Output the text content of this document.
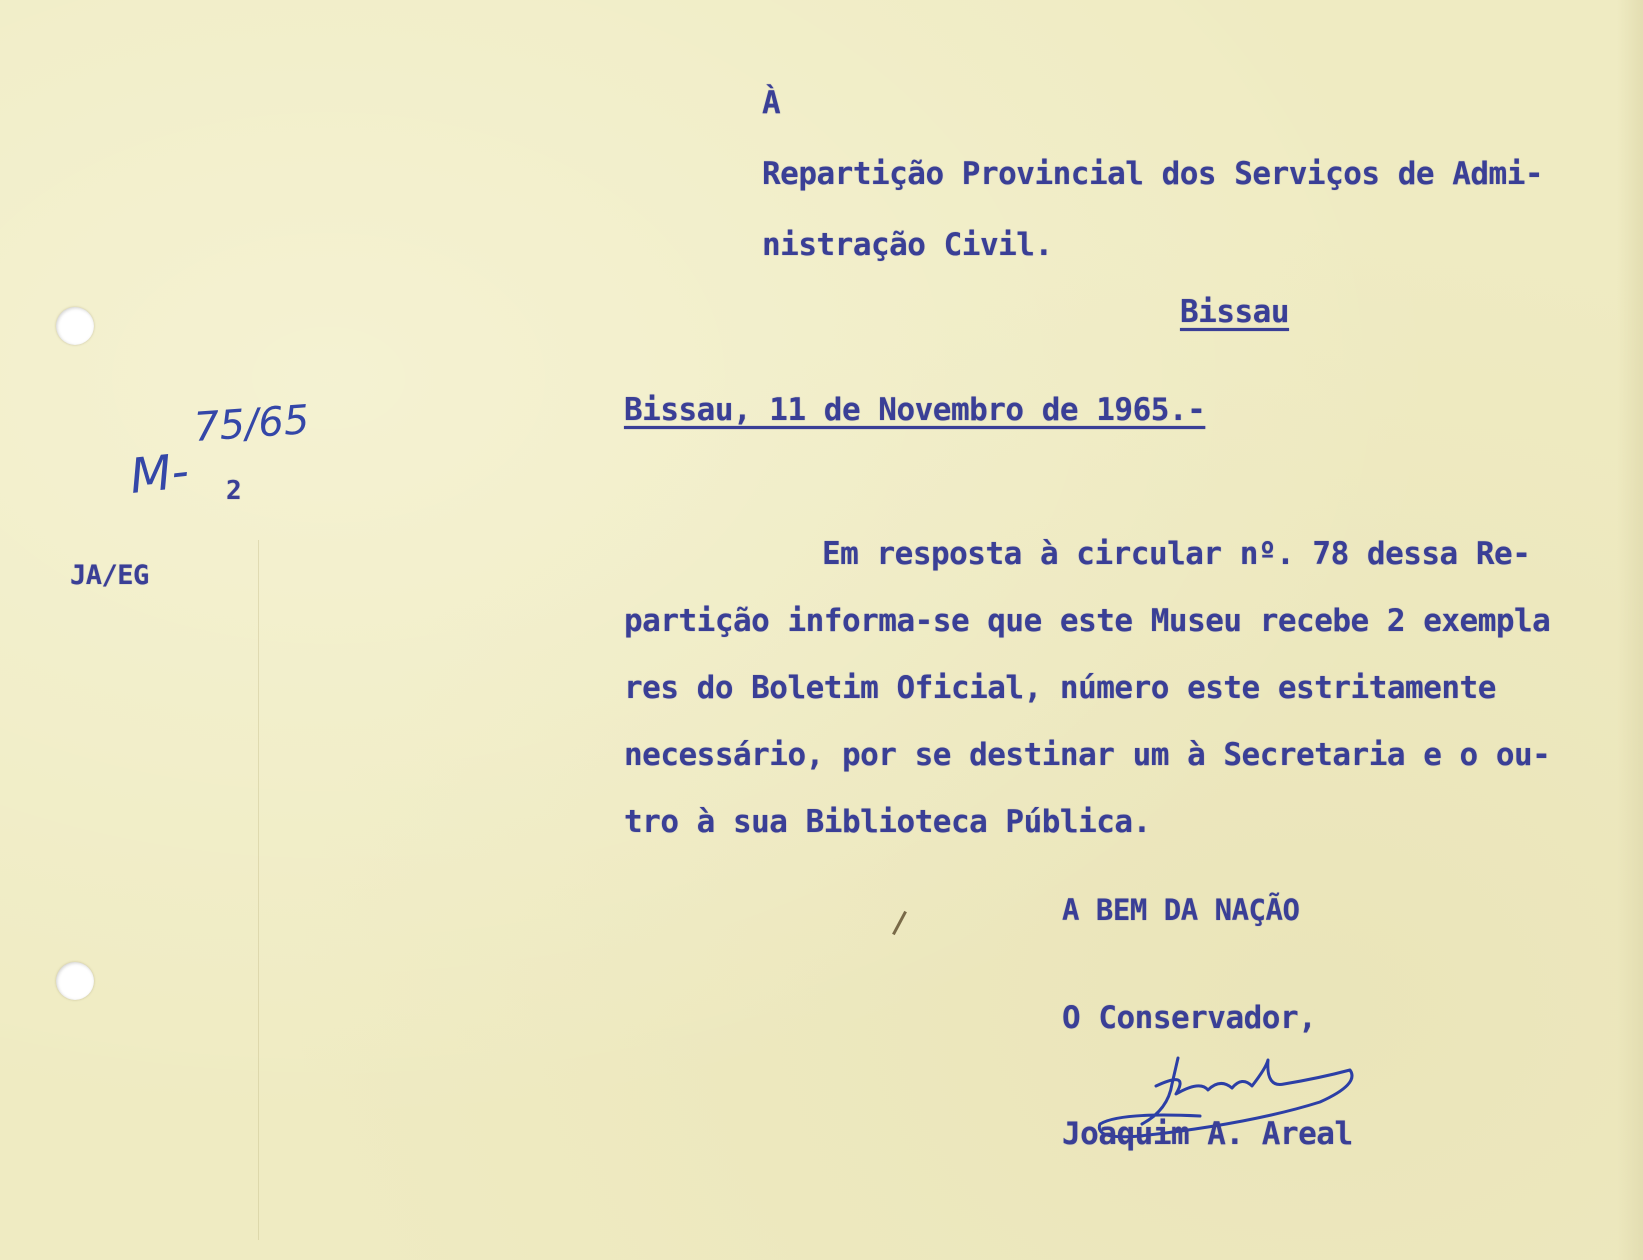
À
Repartição Provincial dos Serviços de Admi-
nistração Civil.
Bissau
Bissau, 11 de Novembro de 1965.-
75/65
M- 2
JA/EG
Em resposta à circular nº. 78 dessa Re-
partição informa-se que este Museu recebe 2 exempla
res do Boletim Oficial, número este estritamente
necessário, por se destinar um à Secretaria e o ou-
tro à sua Biblioteca Pública.
A BEM DA NAÇÃO
O Conservador,
Joaquim A. Areal
